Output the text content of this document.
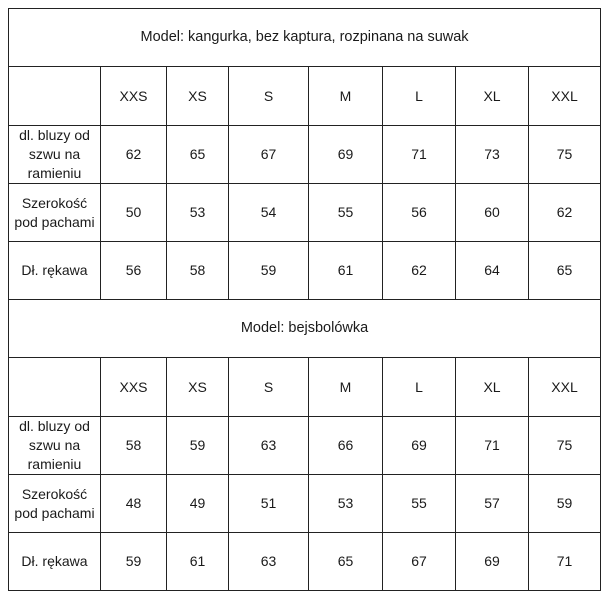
Model: kangurka, bez kaptura, rozpinana na suwak							
	XXS	XS	S	M	L	XL	XXL
dl. bluzy od szwu na ramieniu	62	65	67	69	71	73	75
Szerokość pod pachami	50	53	54	55	56	60	62
Dł. rękawa	56	58	59	61	62	64	65
Model: bejsbolówka							
	XXS	XS	S	M	L	XL	XXL
dl. bluzy od szwu na ramieniu	58	59	63	66	69	71	75
Szerokość pod pachami	48	49	51	53	55	57	59
Dł. rękawa	59	61	63	65	67	69	71
